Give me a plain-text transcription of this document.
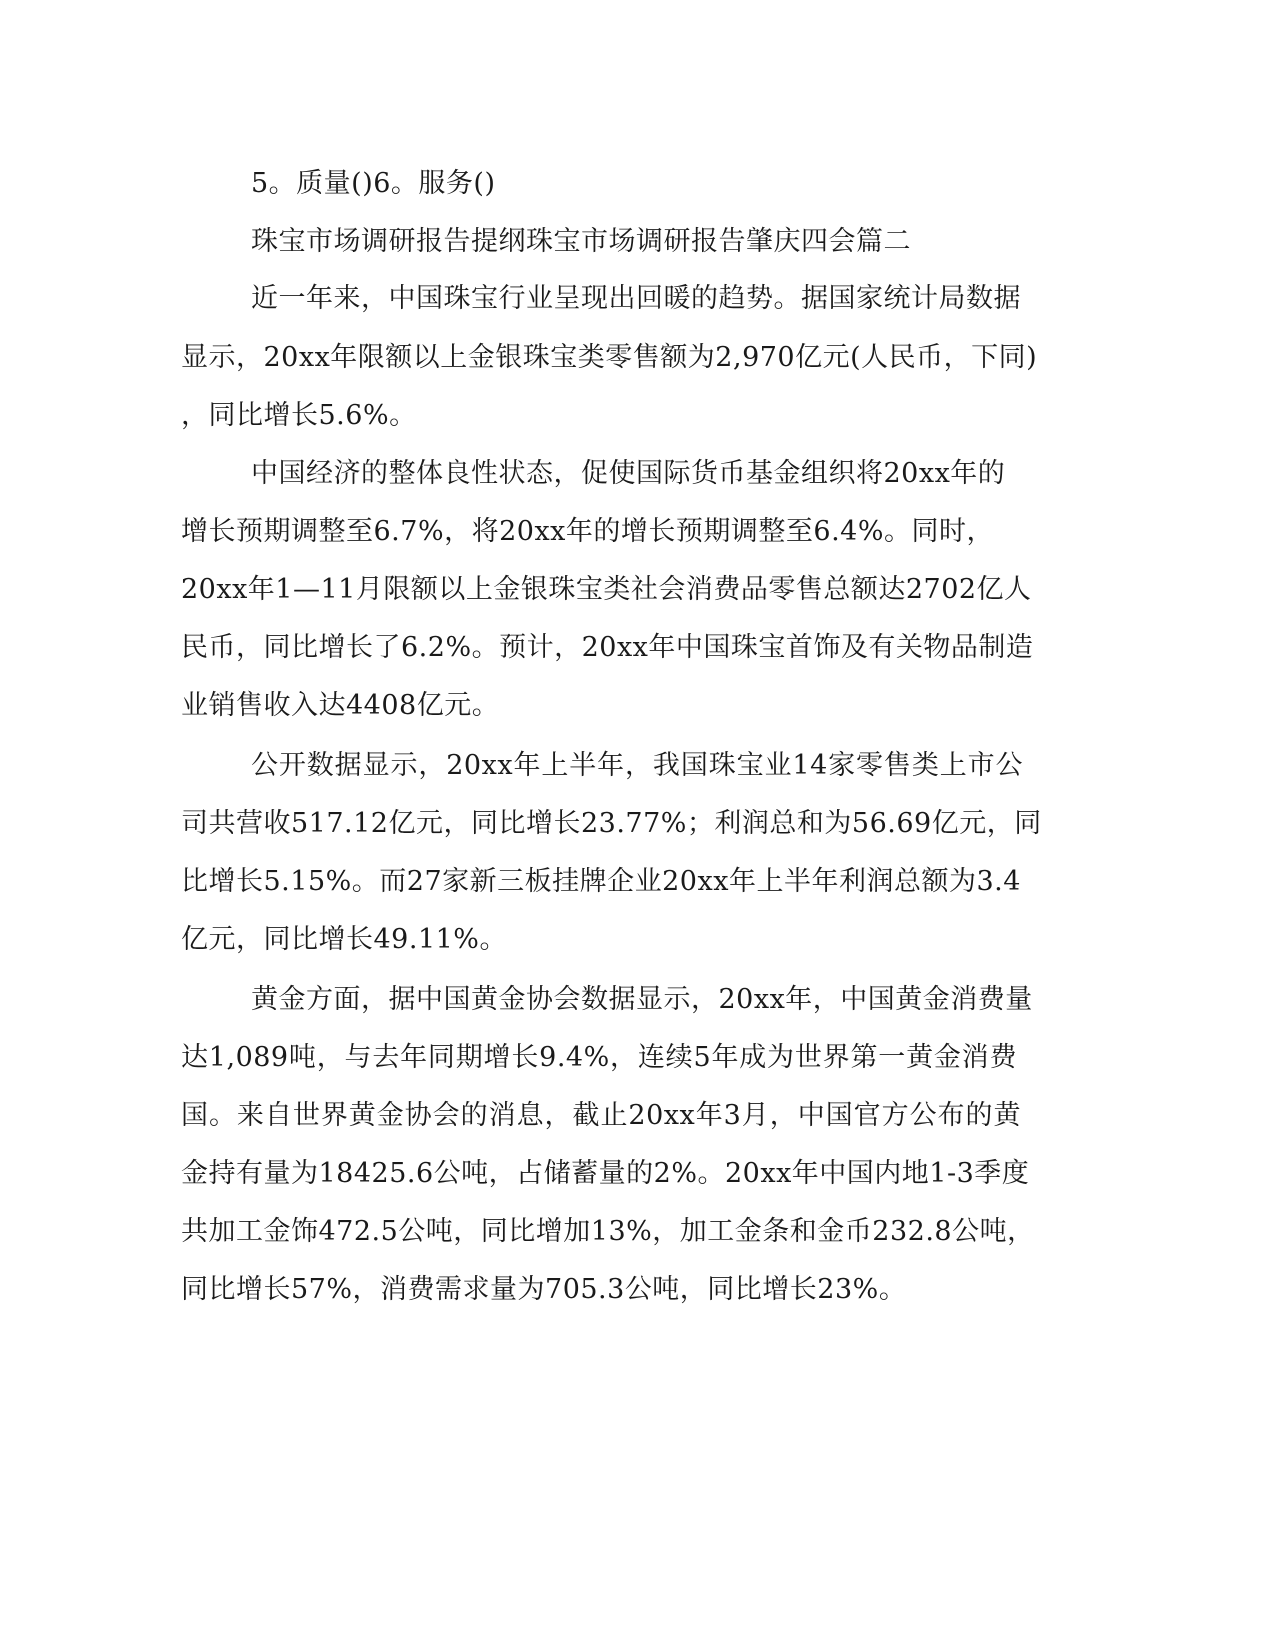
5。质量()6。服务()
珠宝市场调研报告提纲珠宝市场调研报告肇庆四会篇二
近一年来，中国珠宝行业呈现出回暖的趋势。据国家统计局数据
显示，20xx年限额以上金银珠宝类零售额为2,970亿元(人民币，下同)
，同比增长5.6%。
中国经济的整体良性状态，促使国际货币基金组织将20xx年的
增长预期调整至6.7%，将20xx年的增长预期调整至6.4%。同时，
20xx年1—11月限额以上金银珠宝类社会消费品零售总额达2702亿人
民币，同比增长了6.2%。预计，20xx年中国珠宝首饰及有关物品制造
业销售收入达4408亿元。
公开数据显示，20xx年上半年，我国珠宝业14家零售类上市公
司共营收517.12亿元，同比增长23.77%；利润总和为56.69亿元，同
比增长5.15%。而27家新三板挂牌企业20xx年上半年利润总额为3.4
亿元，同比增长49.11%。
黄金方面，据中国黄金协会数据显示，20xx年，中国黄金消费量
达1,089吨，与去年同期增长9.4%，连续5年成为世界第一黄金消费
国。来自世界黄金协会的消息，截止20xx年3月，中国官方公布的黄
金持有量为18425.6公吨，占储蓄量的2%。20xx年中国内地1-3季度
共加工金饰472.5公吨，同比增加13%，加工金条和金币232.8公吨，
同比增长57%，消费需求量为705.3公吨，同比增长23%。
